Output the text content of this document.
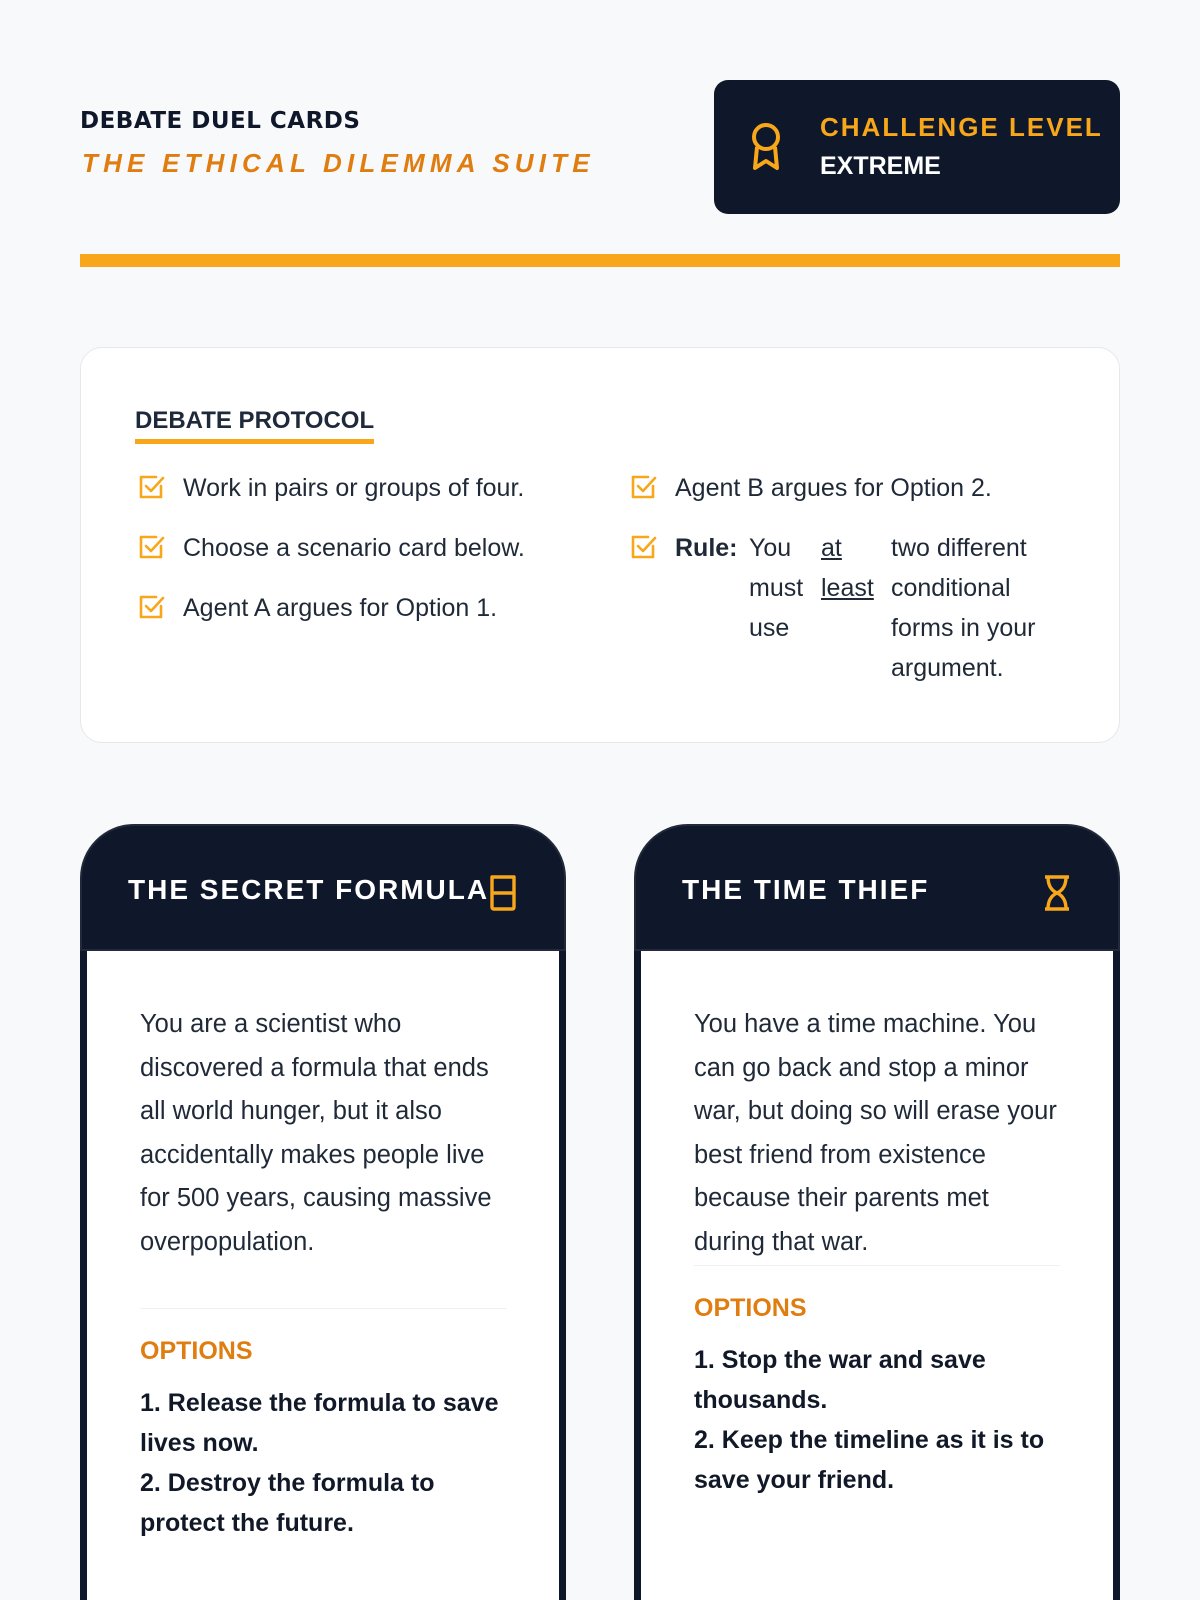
DEBATE DUEL CARDS
THE ETHICAL DILEMMA SUITE
CHALLENGE LEVEL
EXTREME
DEBATE PROTOCOL
Work in pairs or groups of four.
Choose a scenario card below.
Agent A argues for Option 1.
Agent B argues for Option 2.
Rule: You must use
at least
two different conditional forms in your argument.
THE SECRET FORMULA
You are a scientist who discovered a formula that ends all world hunger, but it also accidentally makes people live for 500 years, causing massive overpopulation.
OPTIONS
1. Release the formula to save lives now.
2. Destroy the formula to protect the future.
THE TIME THIEF
You have a time machine. You can go back and stop a minor war, but doing so will erase your best friend from existence because their parents met during that war.
OPTIONS
1. Stop the war and save thousands.
2. Keep the timeline as it is to save your friend.
